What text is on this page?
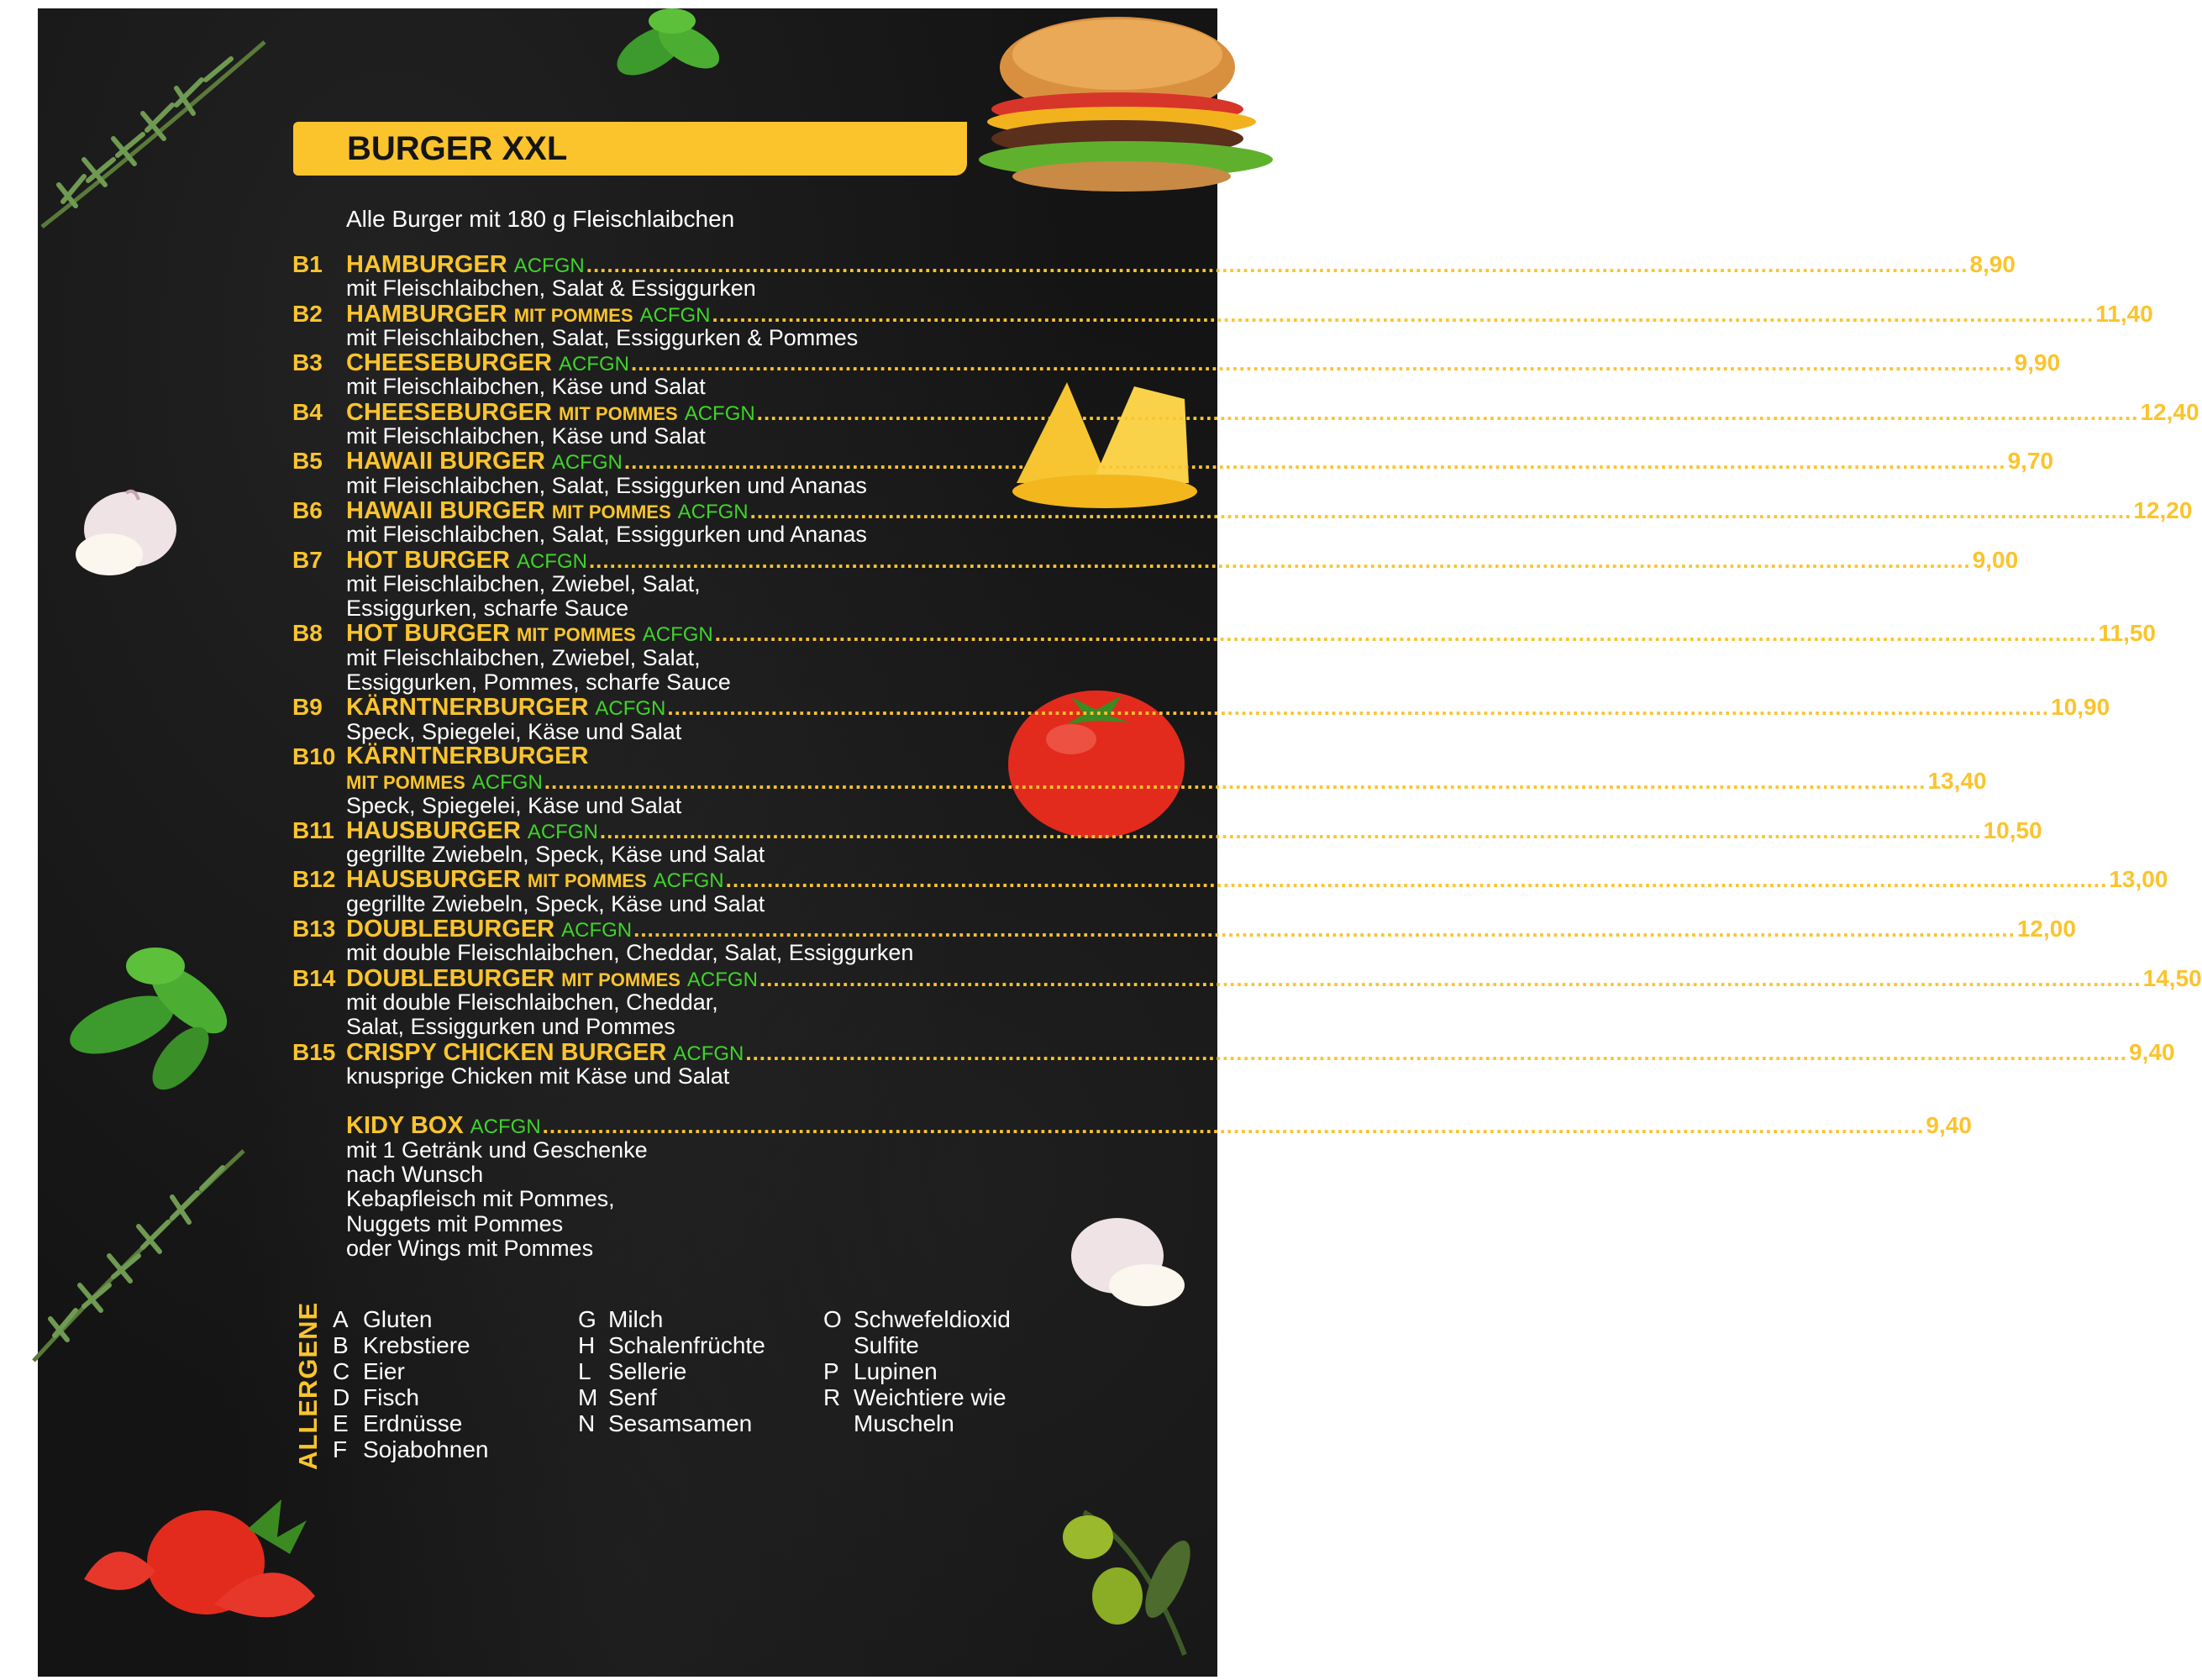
BURGER XXL
Alle Burger mit 180 g Fleischlaibchen
B1 HAMBURGER ACFGN ........................................................................................................................................................................................................ 8,90
mit Fleischlaibchen, Salat & Essiggurken
B2 HAMBURGER MIT POMMES ACFGN ........................................................................................................................................................................................................ 11,40
mit Fleischlaibchen, Salat, Essiggurken & Pommes
B3 CHEESEBURGER ACFGN ........................................................................................................................................................................................................ 9,90
mit Fleischlaibchen, Käse und Salat
B4 CHEESEBURGER MIT POMMES ACFGN ........................................................................................................................................................................................................ 12,40
mit Fleischlaibchen, Käse und Salat
B5 HAWAII BURGER ACFGN ........................................................................................................................................................................................................ 9,70
mit Fleischlaibchen, Salat, Essiggurken und Ananas
B6 HAWAII BURGER MIT POMMES ACFGN ........................................................................................................................................................................................................ 12,20
mit Fleischlaibchen, Salat, Essiggurken und Ananas
B7 HOT BURGER ACFGN ........................................................................................................................................................................................................ 9,00
mit Fleischlaibchen, Zwiebel, Salat,
Essiggurken, scharfe Sauce
B8 HOT BURGER MIT POMMES ACFGN ........................................................................................................................................................................................................ 11,50
mit Fleischlaibchen, Zwiebel, Salat,
Essiggurken, Pommes, scharfe Sauce
B9 KÄRNTNERBURGER ACFGN ........................................................................................................................................................................................................ 10,90
Speck, Spiegelei, Käse und Salat
B10 KÄRNTNERBURGER
MIT POMMES ACFGN ........................................................................................................................................................................................................ 13,40
Speck, Spiegelei, Käse und Salat
B11 HAUSBURGER ACFGN ........................................................................................................................................................................................................ 10,50
gegrillte Zwiebeln, Speck, Käse und Salat
B12 HAUSBURGER MIT POMMES ACFGN ........................................................................................................................................................................................................ 13,00
gegrillte Zwiebeln, Speck, Käse und Salat
B13 DOUBLEBURGER ACFGN ........................................................................................................................................................................................................ 12,00
mit double Fleischlaibchen, Cheddar, Salat, Essiggurken
B14 DOUBLEBURGER MIT POMMES ACFGN ........................................................................................................................................................................................................ 14,50
mit double Fleischlaibchen, Cheddar,
Salat, Essiggurken und Pommes
B15 CRISPY CHICKEN BURGER ACFGN ........................................................................................................................................................................................................ 9,40
knusprige Chicken mit Käse und Salat
KIDY BOX ACFGN ........................................................................................................................................................................................................ 9,40
mit 1 Getränk und Geschenke
nach Wunsch
Kebapfleisch mit Pommes,
Nuggets mit Pommes
oder Wings mit Pommes
ALLERGENE A Gluten
B Krebstiere
C Eier
D Fisch
E Erdnüsse
F Sojabohnen
G Milch
H Schalenfrüchte
L Sellerie
M Senf
N Sesamsamen
O Schwefeldioxid
Sulfite
P Lupinen
R Weichtiere wie
Muscheln
